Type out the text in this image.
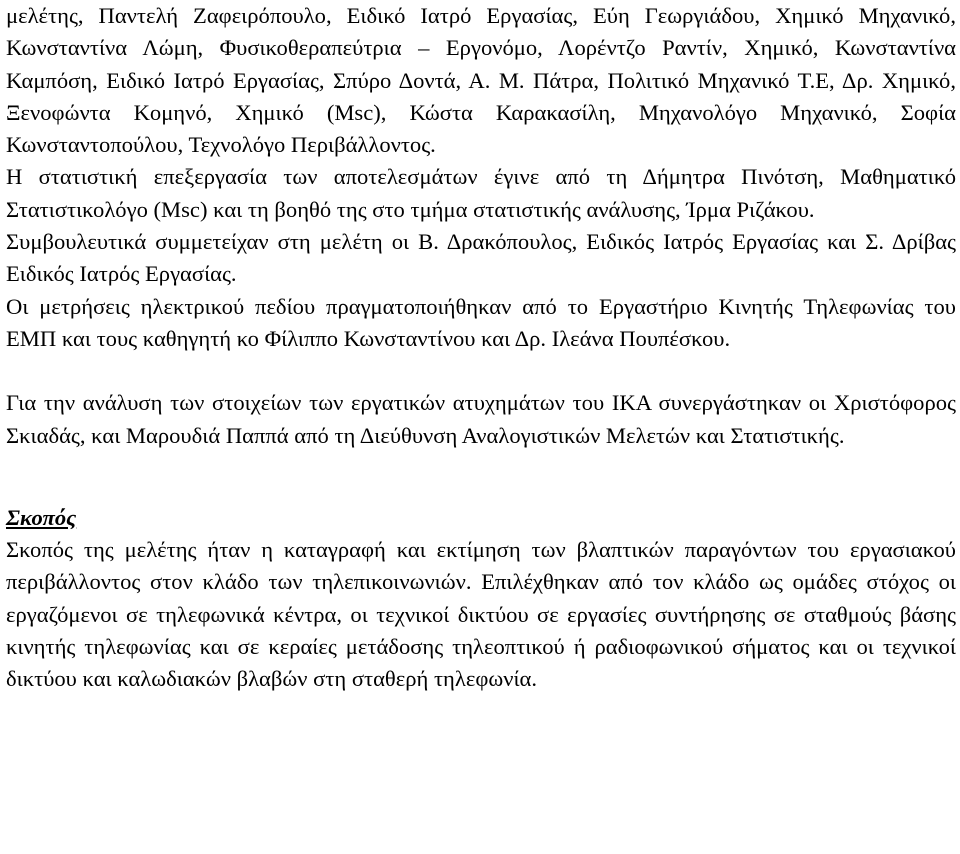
μελέτης, Παντελή Ζαφειρόπουλο, Ειδικό Ιατρό Εργασίας, Εύη Γεωργιάδου, Χημικό Μηχανικό, Κωνσταντίνα Λώμη, Φυσικοθεραπεύτρια – Εργονόμο, Λορέντζο Ραντίν, Χημικό, Κωνσταντίνα Καμπόση, Ειδικό Ιατρό Εργασίας, Σπύρο Δοντά, Α. Μ. Πάτρα, Πολιτικό Μηχανικό Τ.Ε, Δρ. Χημικό, Ξενοφώντα Κομηνό, Χημικό (Msc), Κώστα Καρακασίλη, Μηχανολόγο Μηχανικό, Σοφία Κωνσταντοπούλου, Τεχνολόγο Περιβάλλοντος.

Η στατιστική επεξεργασία των αποτελεσμάτων έγινε από τη Δήμητρα Πινότση, Μαθηματικό Στατιστικολόγο (Msc) και τη βοηθό της στο τμήμα στατιστικής ανάλυσης, Ίρμα Ριζάκου.

Συμβουλευτικά συμμετείχαν στη μελέτη οι Β. Δρακόπουλος, Ειδικός Ιατρός Εργασίας και Σ. Δρίβας Ειδικός Ιατρός Εργασίας.

Οι μετρήσεις ηλεκτρικού πεδίου πραγματοποιήθηκαν από το Εργαστήριο Κινητής Τηλεφωνίας του ΕΜΠ και τους καθηγητή κο Φίλιππο Κωνσταντίνου και Δρ. Ιλεάνα Πουπέσκου.

Για την ανάλυση των στοιχείων των εργατικών ατυχημάτων του ΙΚΑ συνεργάστηκαν οι Χριστόφορος Σκιαδάς, και Μαρουδιά Παππά από τη Διεύθυνση Αναλογιστικών Μελετών και Στατιστικής.

Σκοπός

Σκοπός της μελέτης ήταν η καταγραφή και εκτίμηση των βλαπτικών παραγόντων του εργασιακού περιβάλλοντος στον κλάδο των τηλεπικοινωνιών. Επιλέχθηκαν από τον κλάδο ως ομάδες στόχος οι εργαζόμενοι σε τηλεφωνικά κέντρα, οι τεχνικοί δικτύου σε εργασίες συντήρησης σε σταθμούς βάσης κινητής τηλεφωνίας και σε κεραίες μετάδοσης τηλεοπτικού ή ραδιοφωνικού σήματος και οι τεχνικοί δικτύου και καλωδιακών βλαβών στη σταθερή τηλεφωνία.
